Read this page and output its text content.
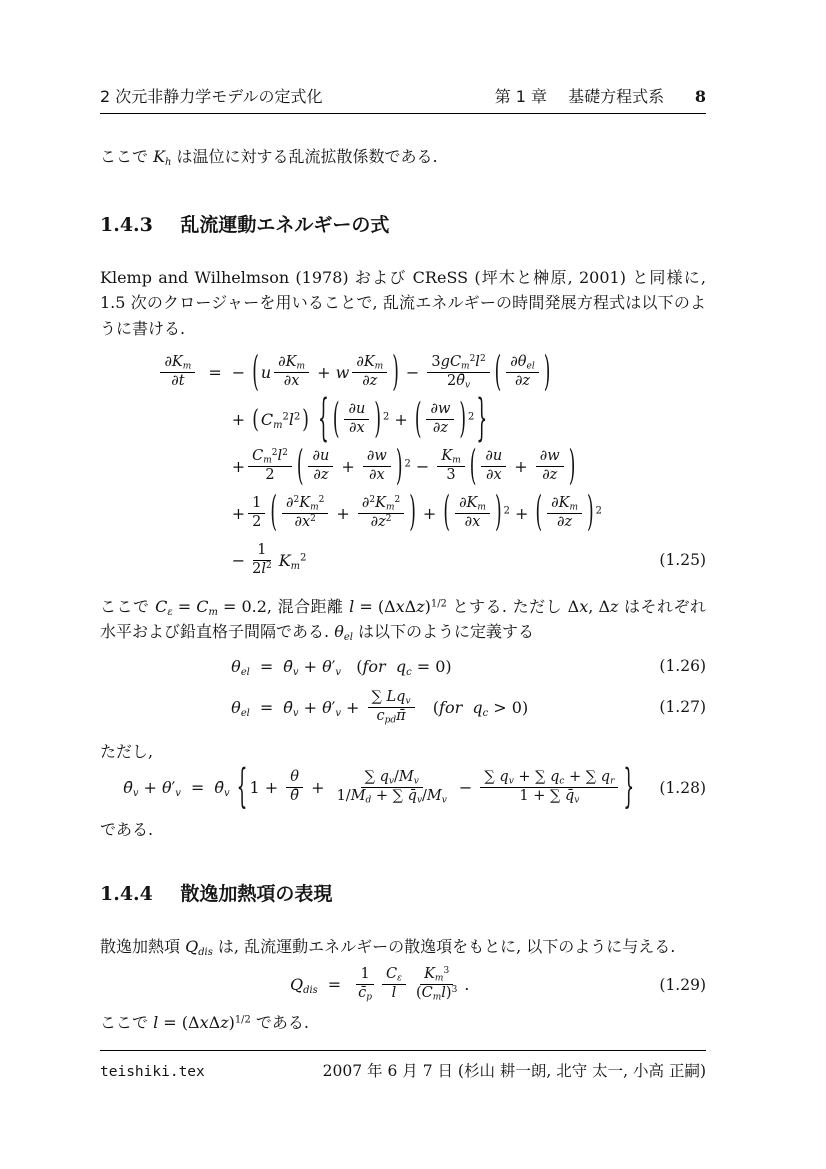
2 次元非静力学モデルの定式化	第 1 章 基礎方程式系 8

ここで $K_h$ は温位に対する乱流拡散係数である.

1.4.3 乱流運動エネルギーの式

Klemp and Wilhelmson (1978) および CReSS (坪木と榊原, 2001) と同様に, 1.5 次のクロージャーを用いることで, 乱流エネルギーの時間発展方程式は以下のように書ける.

$\frac{\partial K_m}{\partial t}$ = − ( u $\frac{\partial K_m}{\partial x} + w \frac{\partial K_m}{\partial z}$ ) − $\frac{3gC_m^2l^2}{2\thetā_v}$ ( $\frac{\partial\theta_{el}}{\partial z}$ )
+ ( $C_m^2l^2$ )
{ ( $\frac{\partial u}{\partial x}$ ) $^2$ + ( $\frac{\partial w}{\partial z}$ ) $^2$ }
+ $\frac{C_m^2l^2}{2}$ ( $\frac{\partial u}{\partial z} + \frac{\partial w}{\partial x}$ ) $^2 - \frac{K_m}{3}$ ( $\frac{\partial u}{\partial x} + \frac{\partial w}{\partial z}$ )
+ $\frac{1}{2}$ ( $\frac{\partial^2K_m^2}{\partial x^2} + \frac{\partial^2K_m^2}{\partial z^2}$ ) + ( $\frac{\partial K_m}{\partial x}$ ) $^2$ + ( $\frac{\partial K_m}{\partial z}$ ) $^2$
− $\frac{1}{2l^2} K_m^2$	(1.25)

ここで $C_\varepsilon = C_m = 0.2$, 混合距離 $l = (\Delta x\Delta z)^{1/2}$ とする. ただし Δx, Δz はそれぞれ水平および鉛直格子間隔である. $\theta_{el}$ は以下のように定義する

$\theta_{el}$ = $\thetā_v + \theta'_v$   (for $q_c = 0$)	(1.26)
$\theta_{el}$ = $\thetā_v + \theta'_v + \frac{\sum Lq_v}{c_{pd}\pī} (for$ $q_c > 0$)	(1.27)

ただし,

$\thetā_v + \theta'_v$ = $\thetā_v$ { $1 + \frac{\theta}{\thetā} + \frac{\sum q_v/M_v}{1/M_d + \sum q̄_v/M_v} - \frac{\sum q_v + \sum q_c + \sum q_r}{1 + \sum q̄_v}$ } (1.28)

である.

1.4.4 散逸加熱項の表現

散逸加熱項 $Q_{dis}$ は, 乱流運動エネルギーの散逸項をもとに, 以下のように与える.

$Q_{dis} = \frac{1}{c̄_p} \frac{C_\varepsilon}{l} \frac{K_m^3}{(C_ml)^3}$ .	(1.29)

ここで $l = (\Delta x\Delta z)^{1/2}$ である.

teishiki.tex	2007 年 6 月 7 日 (杉山 耕一朗, 北守 太一, 小高 正嗣)
